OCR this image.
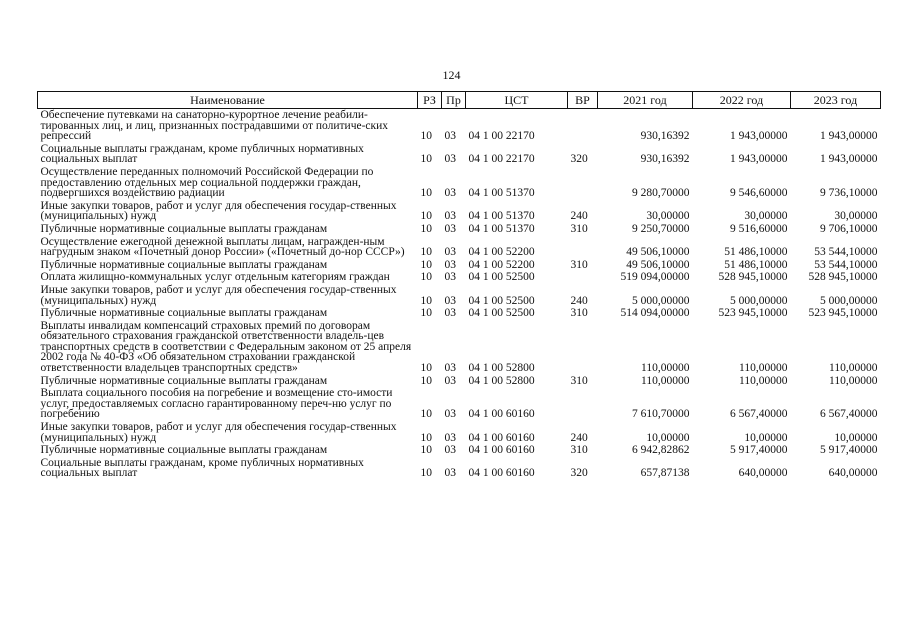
124
Наименование	РЗ	Пр	ЦСТ	ВР	2021 год	2022 год	2023 год
Обеспечение путевками на санаторно-курортное лечение реабили-тированных лиц, и лиц, признанных пострадавшими от политиче-ских репрессий	10	03	04 1 00 22170		930,16392	1 943,00000	1 943,00000
Социальные выплаты гражданам, кроме публичных нормативных социальных выплат	10	03	04 1 00 22170	320	930,16392	1 943,00000	1 943,00000
Осуществление переданных полномочий Российской Федерации по предоставлению отдельных мер социальной поддержки граждан, подвергшихся воздействию радиации	10	03	04 1 00 51370		9 280,70000	9 546,60000	9 736,10000
Иные закупки товаров, работ и услуг для обеспечения государ-ственных (муниципальных) нужд	10	03	04 1 00 51370	240	30,00000	30,00000	30,00000
Публичные нормативные социальные выплаты гражданам	10	03	04 1 00 51370	310	9 250,70000	9 516,60000	9 706,10000
Осуществление ежегодной денежной выплаты лицам, награжден-ным нагрудным знаком «Почетный донор России» («Почетный до-нор СССР»)	10	03	04 1 00 52200		49 506,10000	51 486,10000	53 544,10000
Публичные нормативные социальные выплаты гражданам	10	03	04 1 00 52200	310	49 506,10000	51 486,10000	53 544,10000
Оплата жилищно-коммунальных услуг отдельным категориям граждан	10	03	04 1 00 52500		519 094,00000	528 945,10000	528 945,10000
Иные закупки товаров, работ и услуг для обеспечения государ-ственных (муниципальных) нужд	10	03	04 1 00 52500	240	5 000,00000	5 000,00000	5 000,00000
Публичные нормативные социальные выплаты гражданам	10	03	04 1 00 52500	310	514 094,00000	523 945,10000	523 945,10000
Выплаты инвалидам компенсаций страховых премий по договорам обязательного страхования гражданской ответственности владель-цев транспортных средств в соответствии с Федеральным законом от 25 апреля 2002 года № 40-ФЗ «Об обязательном страховании гражданской ответственности владельцев транспортных средств»	10	03	04 1 00 52800		110,00000	110,00000	110,00000
Публичные нормативные социальные выплаты гражданам	10	03	04 1 00 52800	310	110,00000	110,00000	110,00000
Выплата социального пособия на погребение и возмещение сто-имости услуг, предоставляемых согласно гарантированному переч-ню услуг по погребению	10	03	04 1 00 60160		7 610,70000	6 567,40000	6 567,40000
Иные закупки товаров, работ и услуг для обеспечения государ-ственных (муниципальных) нужд	10	03	04 1 00 60160	240	10,00000	10,00000	10,00000
Публичные нормативные социальные выплаты гражданам	10	03	04 1 00 60160	310	6 942,82862	5 917,40000	5 917,40000
Социальные выплаты гражданам, кроме публичных нормативных социальных выплат	10	03	04 1 00 60160	320	657,87138	640,00000	640,00000
